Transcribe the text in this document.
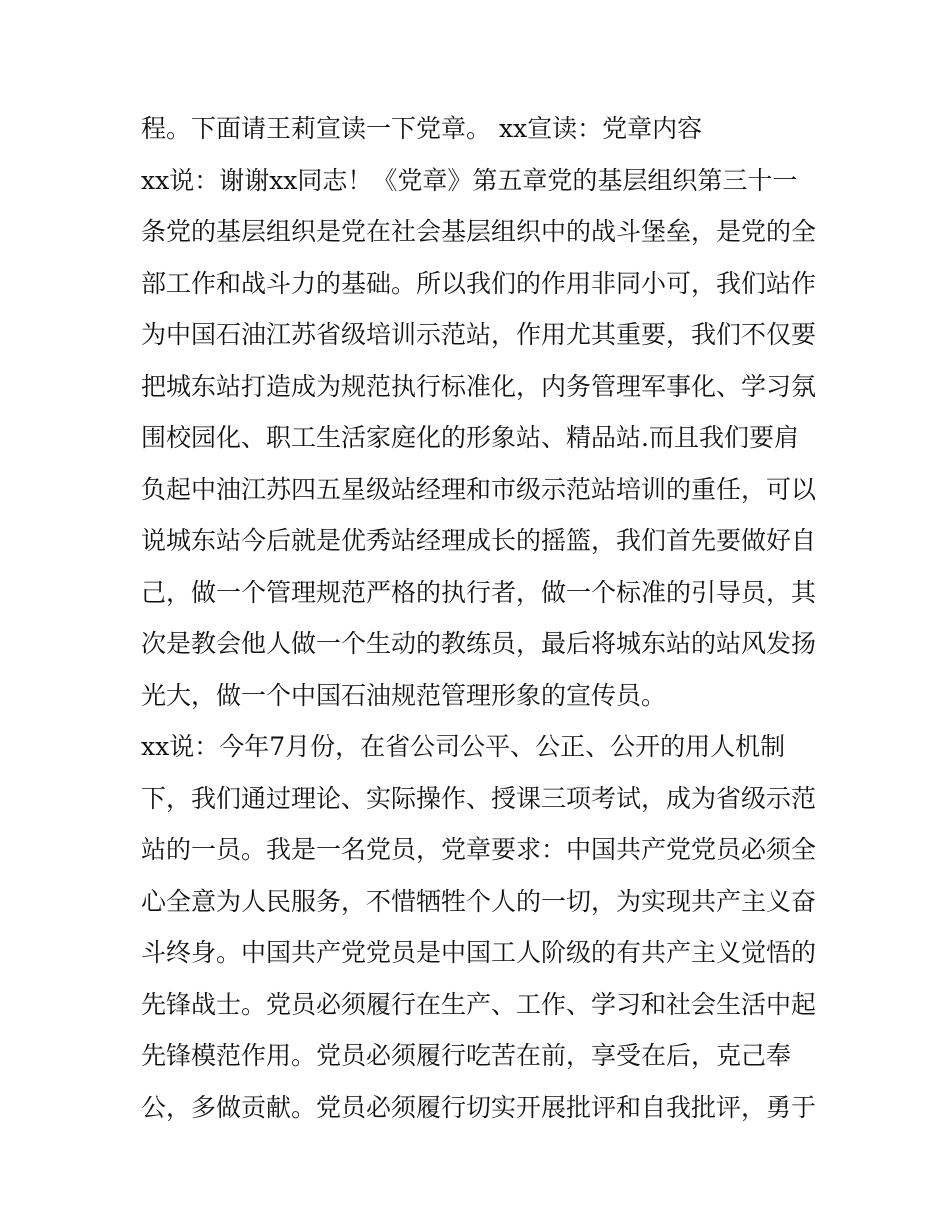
程。下面请王莉宣读一下党章。 xx宣读：党章内容
xx说：谢谢xx同志！《党章》第五章党的基层组织第三十一
条党的基层组织是党在社会基层组织中的战斗堡垒，是党的全
部工作和战斗力的基础。所以我们的作用非同小可，我们站作
为中国石油江苏省级培训示范站，作用尤其重要，我们不仅要
把城东站打造成为规范执行标准化，内务管理军事化、学习氛
围校园化、职工生活家庭化的形象站、精品站.而且我们要肩
负起中油江苏四五星级站经理和市级示范站培训的重任，可以
说城东站今后就是优秀站经理成长的摇篮，我们首先要做好自
己，做一个管理规范严格的执行者，做一个标准的引导员，其
次是教会他人做一个生动的教练员，最后将城东站的站风发扬
光大，做一个中国石油规范管理形象的宣传员。
xx说：今年7月份，在省公司公平、公正、公开的用人机制
下，我们通过理论、实际操作、授课三项考试，成为省级示范
站的一员。我是一名党员，党章要求：中国共产党党员必须全
心全意为人民服务，不惜牺牲个人的一切，为实现共产主义奋
斗终身。中国共产党党员是中国工人阶级的有共产主义觉悟的
先锋战士。党员必须履行在生产、工作、学习和社会生活中起
先锋模范作用。党员必须履行吃苦在前，享受在后，克己奉
公，多做贡献。党员必须履行切实开展批评和自我批评，勇于
